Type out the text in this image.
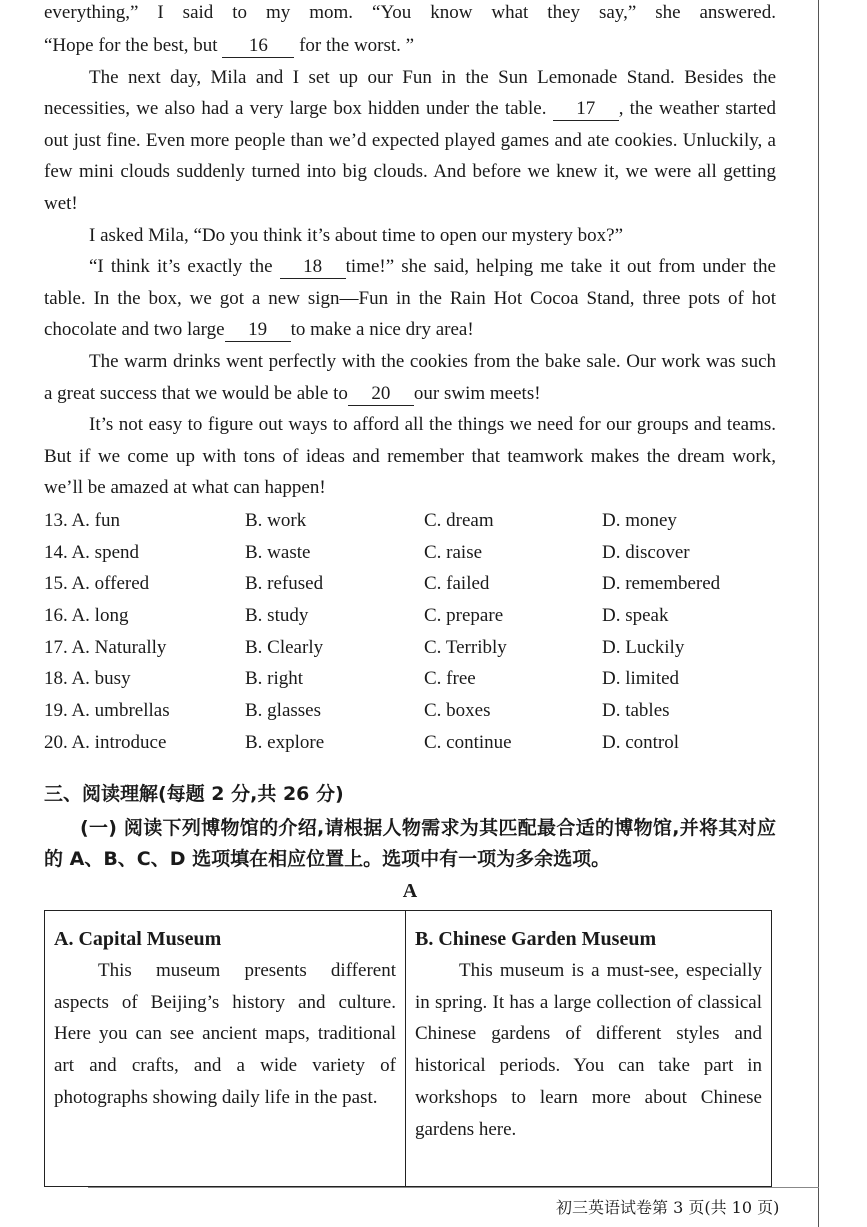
everything,” I said to my mom. “You know what they say,” she answered.

“Hope for the best, but 16 for the worst. ”

The next day, Mila and I set up our Fun in the Sun Lemonade Stand. Besides the necessities, we also had a very large box hidden under the table. 17 , the weather started out just fine. Even more people than we’d expected played games and ate cookies. Unluckily, a few mini clouds suddenly turned into big clouds. And before we knew it, we were all getting wet!

I asked Mila, “Do you think it’s about time to open our mystery box?”

“I think it’s exactly the 18 time!” she said, helping me take it out from under the table. In the box, we got a new sign—Fun in the Rain Hot Cocoa Stand, three pots of hot chocolate and two large 19 to make a nice dry area!

The warm drinks went perfectly with the cookies from the bake sale. Our work was such a great success that we would be able to 20 our swim meets!

It’s not easy to figure out ways to afford all the things we need for our groups and teams. But if we come up with tons of ideas and remember that teamwork makes the dream work, we’ll be amazed at what can happen!

13. A. fun	B. work	C. dream	D. money
14. A. spend	B. waste	C. raise	D. discover
15. A. offered	B. refused	C. failed	D. remembered
16. A. long	B. study	C. prepare	D. speak
17. A. Naturally	B. Clearly	C. Terribly	D. Luckily
18. A. busy	B. right	C. free	D. limited
19. A. umbrellas	B. glasses	C. boxes	D. tables
20. A. introduce	B. explore	C. continue	D. control
三、阅读理解(每题 2 分,共 26 分)
(一) 阅读下列博物馆的介绍,请根据人物需求为其匹配最合适的博物馆,并将其对应的 A、B、C、D 选项填在相应位置上。选项中有一项为多余选项。
A
A. Capital Museum

This museum presents different aspects of Beijing’s history and culture. Here you can see ancient maps, traditional art and crafts, and a wide variety of photographs showing daily life in the past.

B. Chinese Garden Museum

This museum is a must-see, especially in spring. It has a large collection of classical Chinese gardens of different styles and historical periods. You can take part in workshops to learn more about Chinese gardens here.

初三英语试卷第 3 页(共 10 页)
